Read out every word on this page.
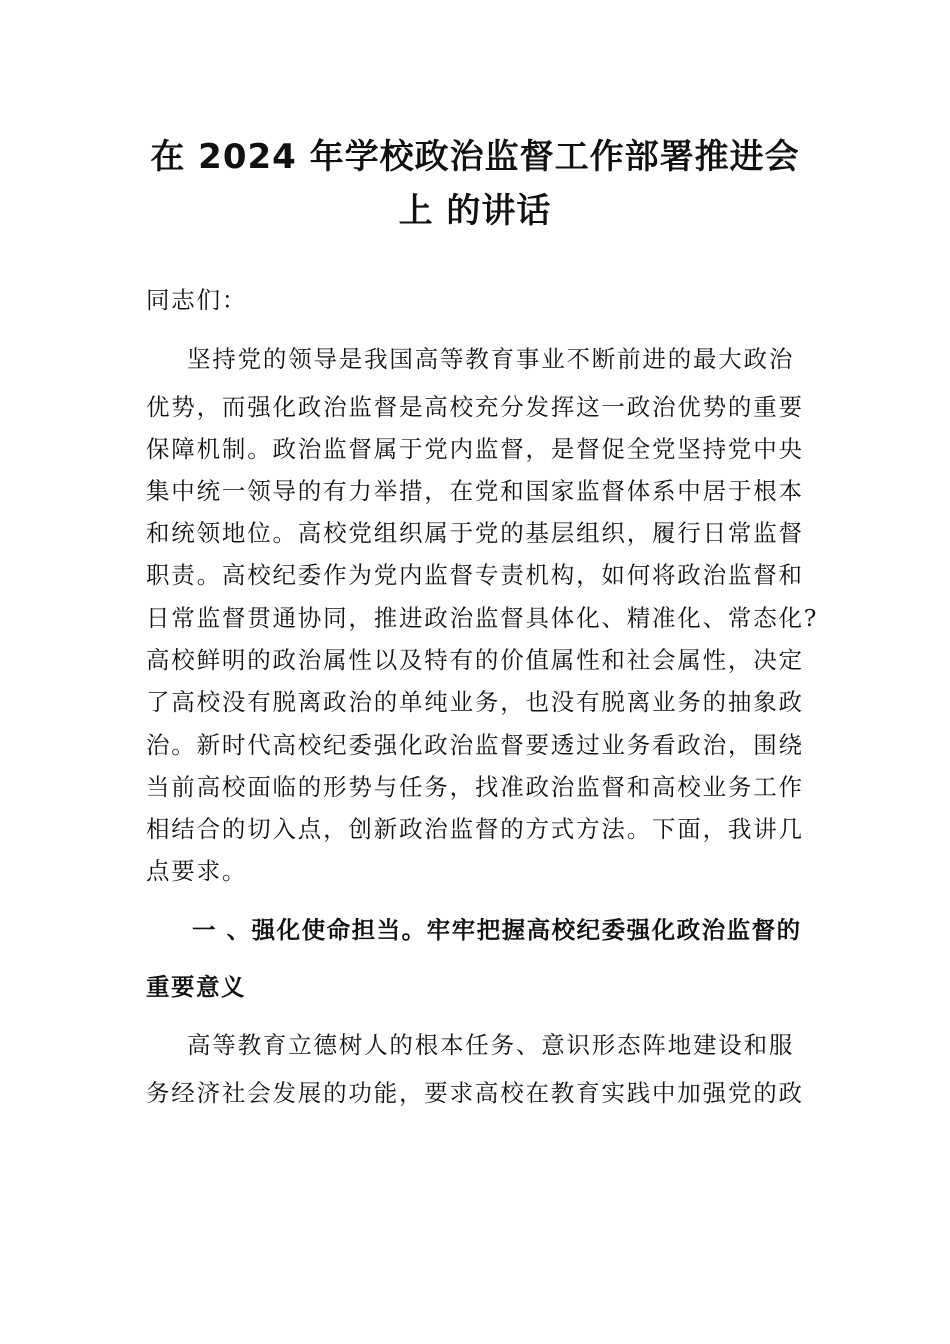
在 2024 年学校政治监督工作部署推进会
上 的讲话
同志们：
坚持党的领导是我国高等教育事业不断前进的最大政治
优势，而强化政治监督是高校充分发挥这一政治优势的重要
保障机制。政治监督属于党内监督，是督促全党坚持党中央
集中统一领导的有力举措，在党和国家监督体系中居于根本
和统领地位。高校党组织属于党的基层组织，履行日常监督
职责。高校纪委作为党内监督专责机构，如何将政治监督和
日常监督贯通协同，推进政治监督具体化、精准化、常态化?
高校鲜明的政治属性以及特有的价值属性和社会属性，决定
了高校没有脱离政治的单纯业务，也没有脱离业务的抽象政
治。新时代高校纪委强化政治监督要透过业务看政治，围绕
当前高校面临的形势与任务，找准政治监督和高校业务工作
相结合的切入点，创新政治监督的方式方法。下面，我讲几
点要求。
一 、强化使命担当。牢牢把握高校纪委强化政治监督的
重要意义
高等教育立德树人的根本任务、意识形态阵地建设和服
务经济社会发展的功能，要求高校在教育实践中加强党的政
